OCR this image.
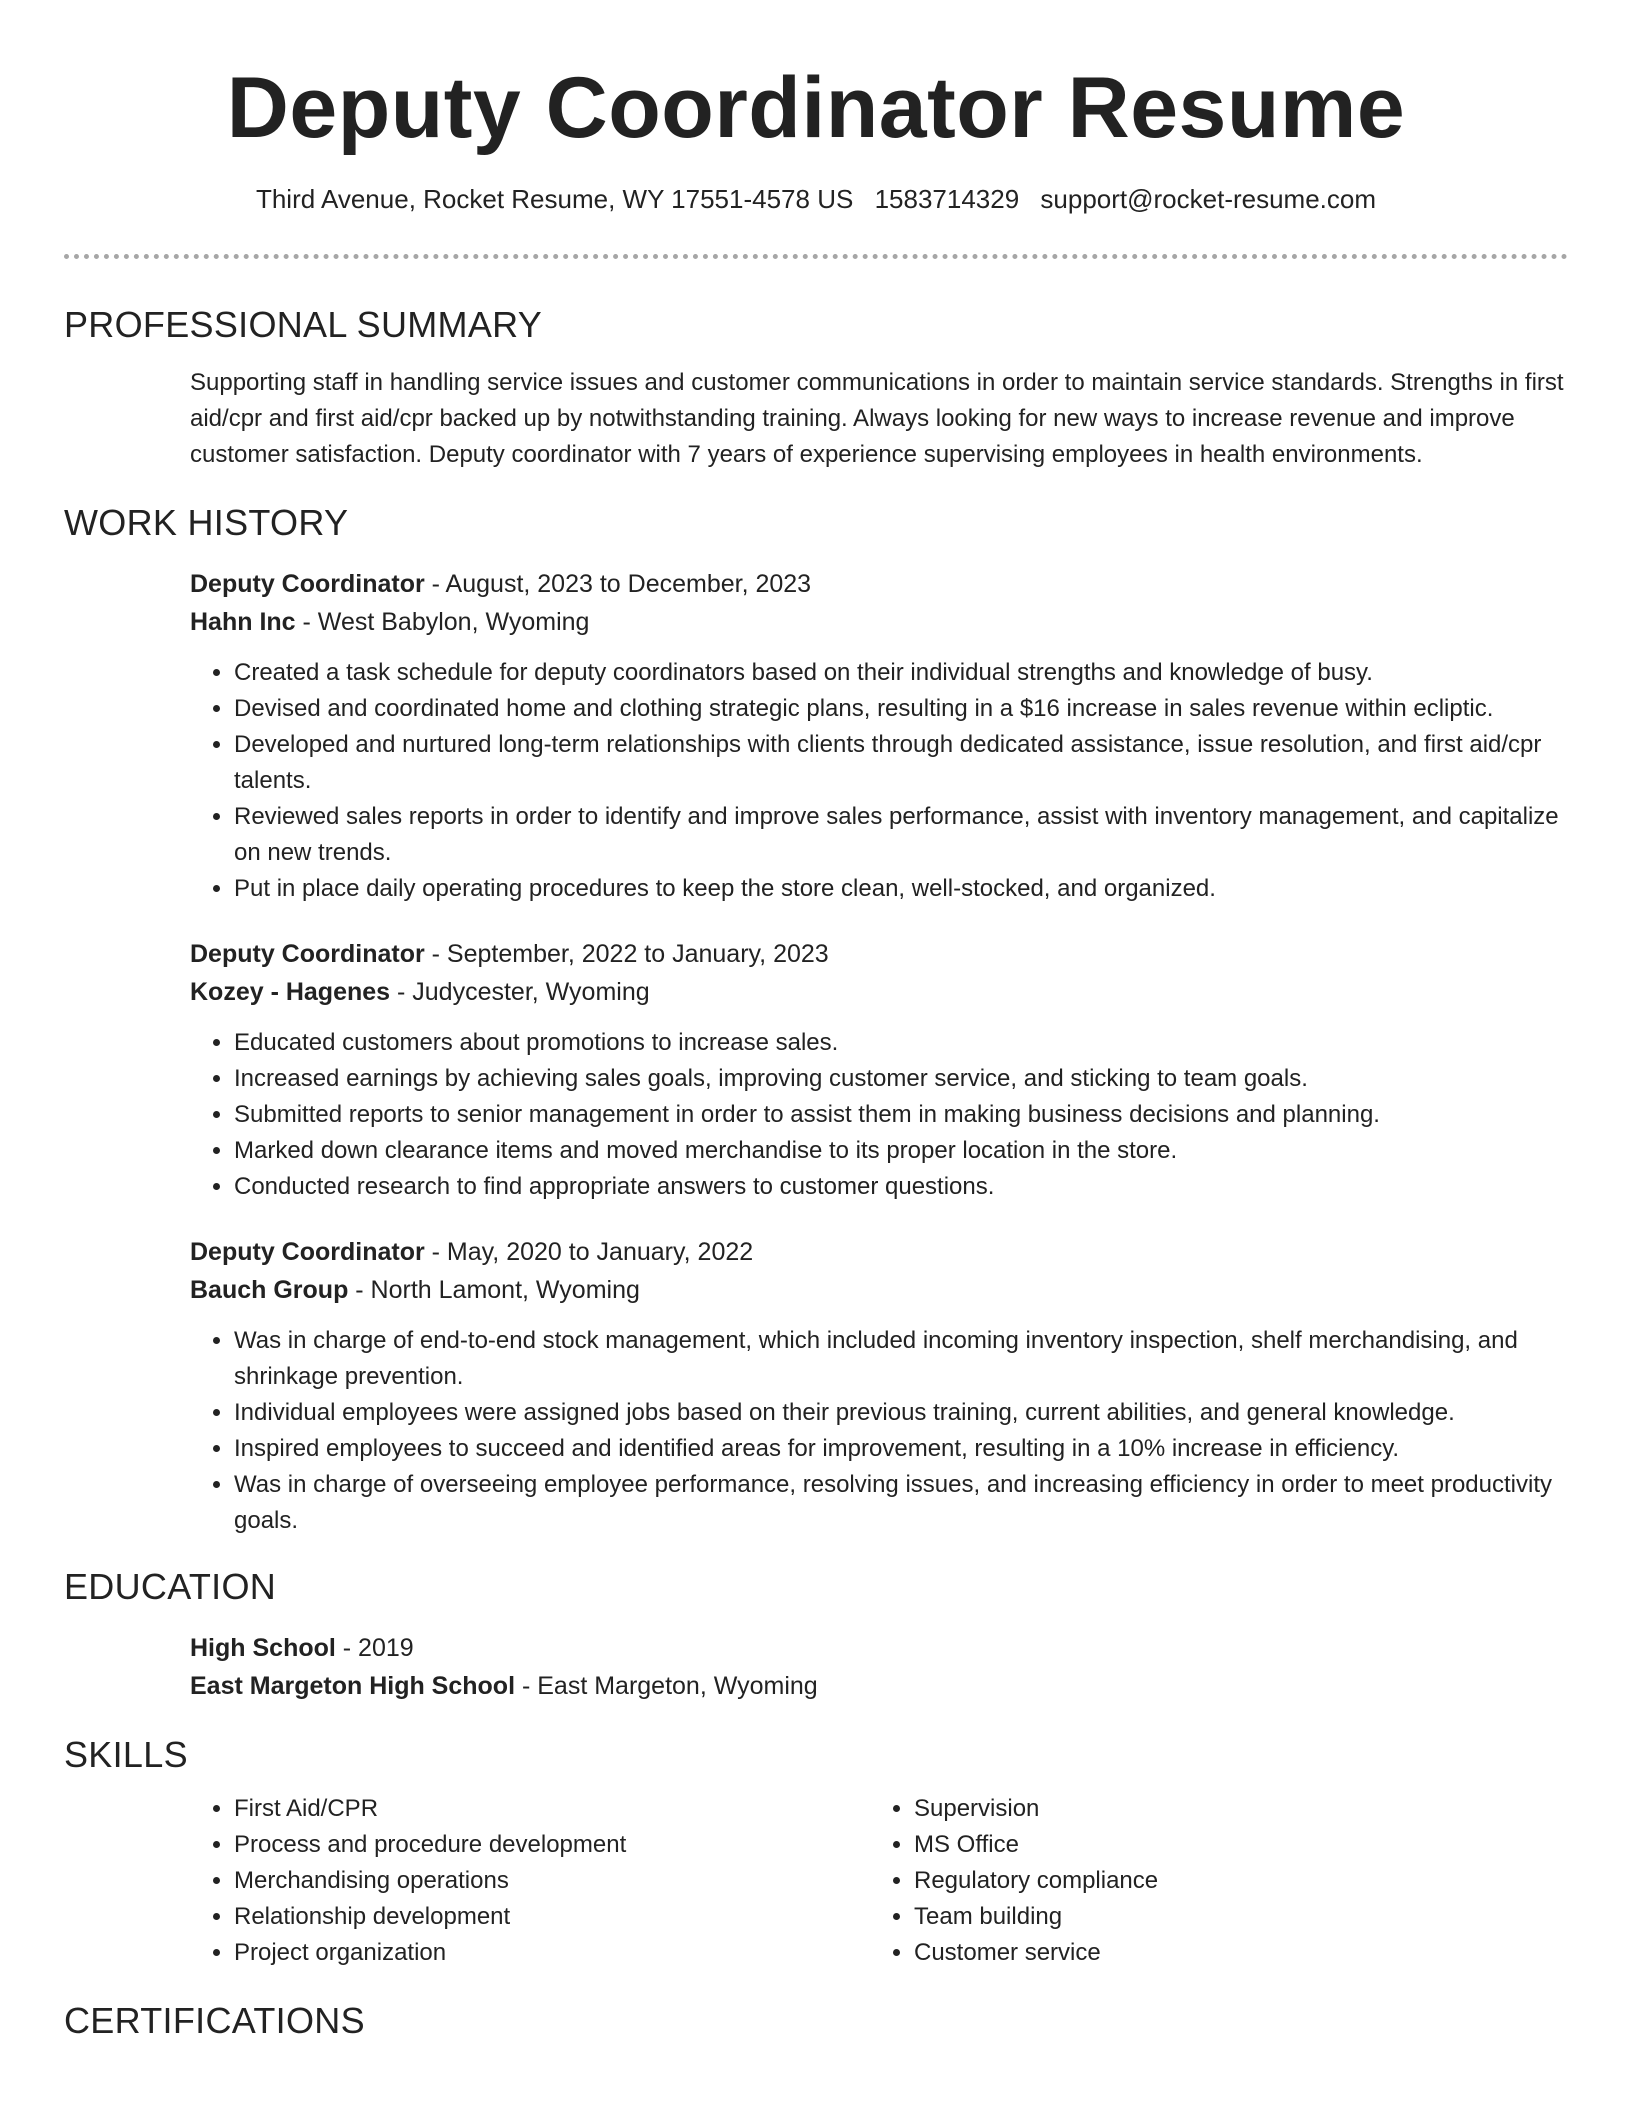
Deputy Coordinator Resume
Third Avenue, Rocket Resume, WY 17551-4578 US 1583714329 support@rocket-resume.com
PROFESSIONAL SUMMARY
Supporting staff in handling service issues and customer communications in order to maintain service standards. Strengths in first aid/cpr and first aid/cpr backed up by notwithstanding training. Always looking for new ways to increase revenue and improve customer satisfaction. Deputy coordinator with 7 years of experience supervising employees in health environments.
WORK HISTORY
Deputy Coordinator - August, 2023 to December, 2023
Hahn Inc - West Babylon, Wyoming
• Created a task schedule for deputy coordinators based on their individual strengths and knowledge of busy.
• Devised and coordinated home and clothing strategic plans, resulting in a $16 increase in sales revenue within ecliptic.
• Developed and nurtured long-term relationships with clients through dedicated assistance, issue resolution, and first aid/cpr talents.
• Reviewed sales reports in order to identify and improve sales performance, assist with inventory management, and capitalize on new trends.
• Put in place daily operating procedures to keep the store clean, well-stocked, and organized.
Deputy Coordinator - September, 2022 to January, 2023
Kozey - Hagenes - Judycester, Wyoming
• Educated customers about promotions to increase sales.
• Increased earnings by achieving sales goals, improving customer service, and sticking to team goals.
• Submitted reports to senior management in order to assist them in making business decisions and planning.
• Marked down clearance items and moved merchandise to its proper location in the store.
• Conducted research to find appropriate answers to customer questions.
Deputy Coordinator - May, 2020 to January, 2022
Bauch Group - North Lamont, Wyoming
• Was in charge of end-to-end stock management, which included incoming inventory inspection, shelf merchandising, and shrinkage prevention.
• Individual employees were assigned jobs based on their previous training, current abilities, and general knowledge.
• Inspired employees to succeed and identified areas for improvement, resulting in a 10% increase in efficiency.
• Was in charge of overseeing employee performance, resolving issues, and increasing efficiency in order to meet productivity goals.
EDUCATION
High School - 2019
East Margeton High School - East Margeton, Wyoming
SKILLS
• First Aid/CPR
• Process and procedure development
• Merchandising operations
• Relationship development
• Project organization
• Supervision
• MS Office
• Regulatory compliance
• Team building
• Customer service
CERTIFICATIONS
